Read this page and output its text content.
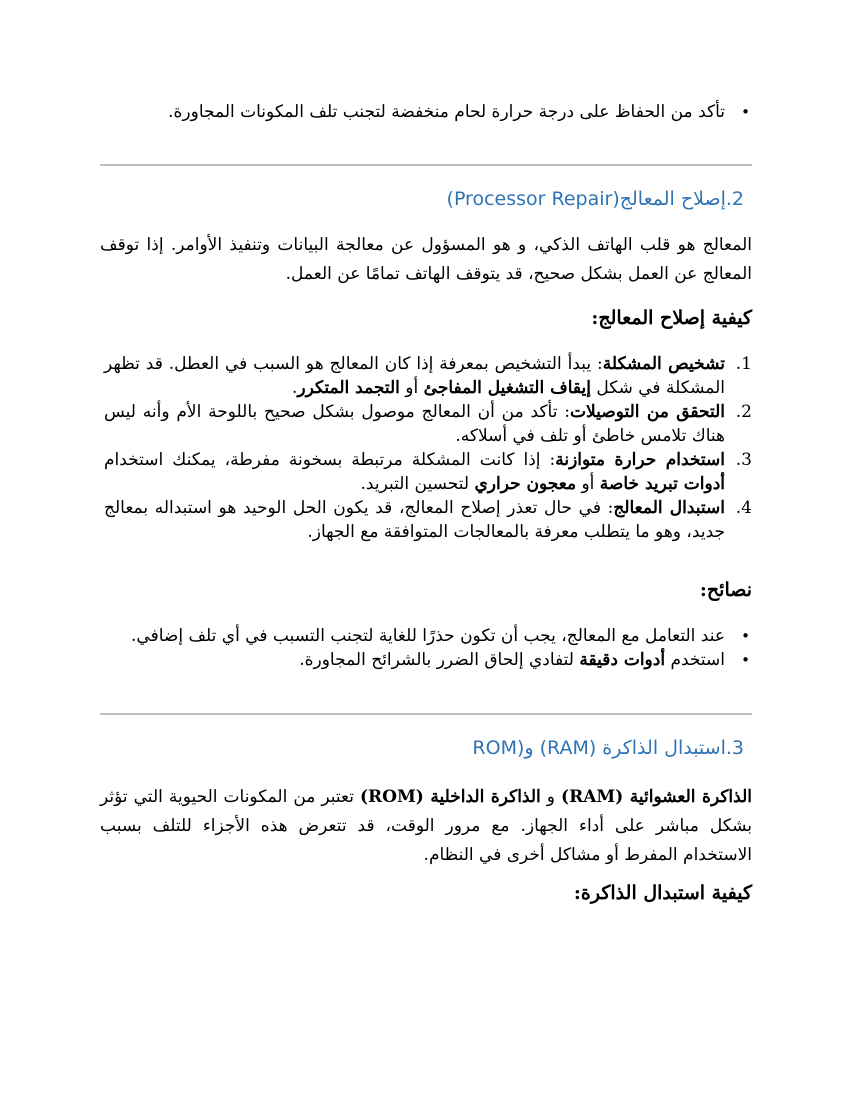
• تأكد من الحفاظ على درجة حرارة لحام منخفضة لتجنب تلف المكونات المجاورة.
2.إصلاح المعالج(Processor Repair)

المعالج هو قلب الهاتف الذكي، و هو المسؤول عن معالجة البيانات وتنفيذ الأوامر. إذا توقف المعالج عن العمل بشكل صحيح، قد يتوقف الهاتف تمامًا عن العمل.

كيفية إصلاح المعالج:
1.
تشخيص المشكلة: يبدأ التشخيص بمعرفة إذا كان المعالج هو السبب في العطل. قد تظهر المشكلة في شكل إيقاف التشغيل المفاجئ أو التجمد المتكرر.
2.
التحقق من التوصيلات: تأكد من أن المعالج موصول بشكل صحيح باللوحة الأم وأنه ليس هناك تلامس خاطئ أو تلف في أسلاكه.
3.
استخدام حرارة متوازنة: إذا كانت المشكلة مرتبطة بسخونة مفرطة، يمكنك استخدام أدوات تبريد خاصة أو معجون حراري لتحسين التبريد.
4.
استبدال المعالج: في حال تعذر إصلاح المعالج، قد يكون الحل الوحيد هو استبداله بمعالج جديد، وهو ما يتطلب معرفة بالمعالجات المتوافقة مع الجهاز.
نصائح:
• عند التعامل مع المعالج، يجب أن تكون حذرًا للغاية لتجنب التسبب في أي تلف إضافي.
• استخدم أدوات دقيقة لتفادي إلحاق الضرر بالشرائح المجاورة.
3.استبدال الذاكرة (RAM) و(ROM

الذاكرة العشوائية (RAM) و الذاكرة الداخلية (ROM) تعتبر من المكونات الحيوية التي تؤثر بشكل مباشر على أداء الجهاز. مع مرور الوقت، قد تتعرض هذه الأجزاء للتلف بسبب الاستخدام المفرط أو مشاكل أخرى في النظام.

كيفية استبدال الذاكرة:
